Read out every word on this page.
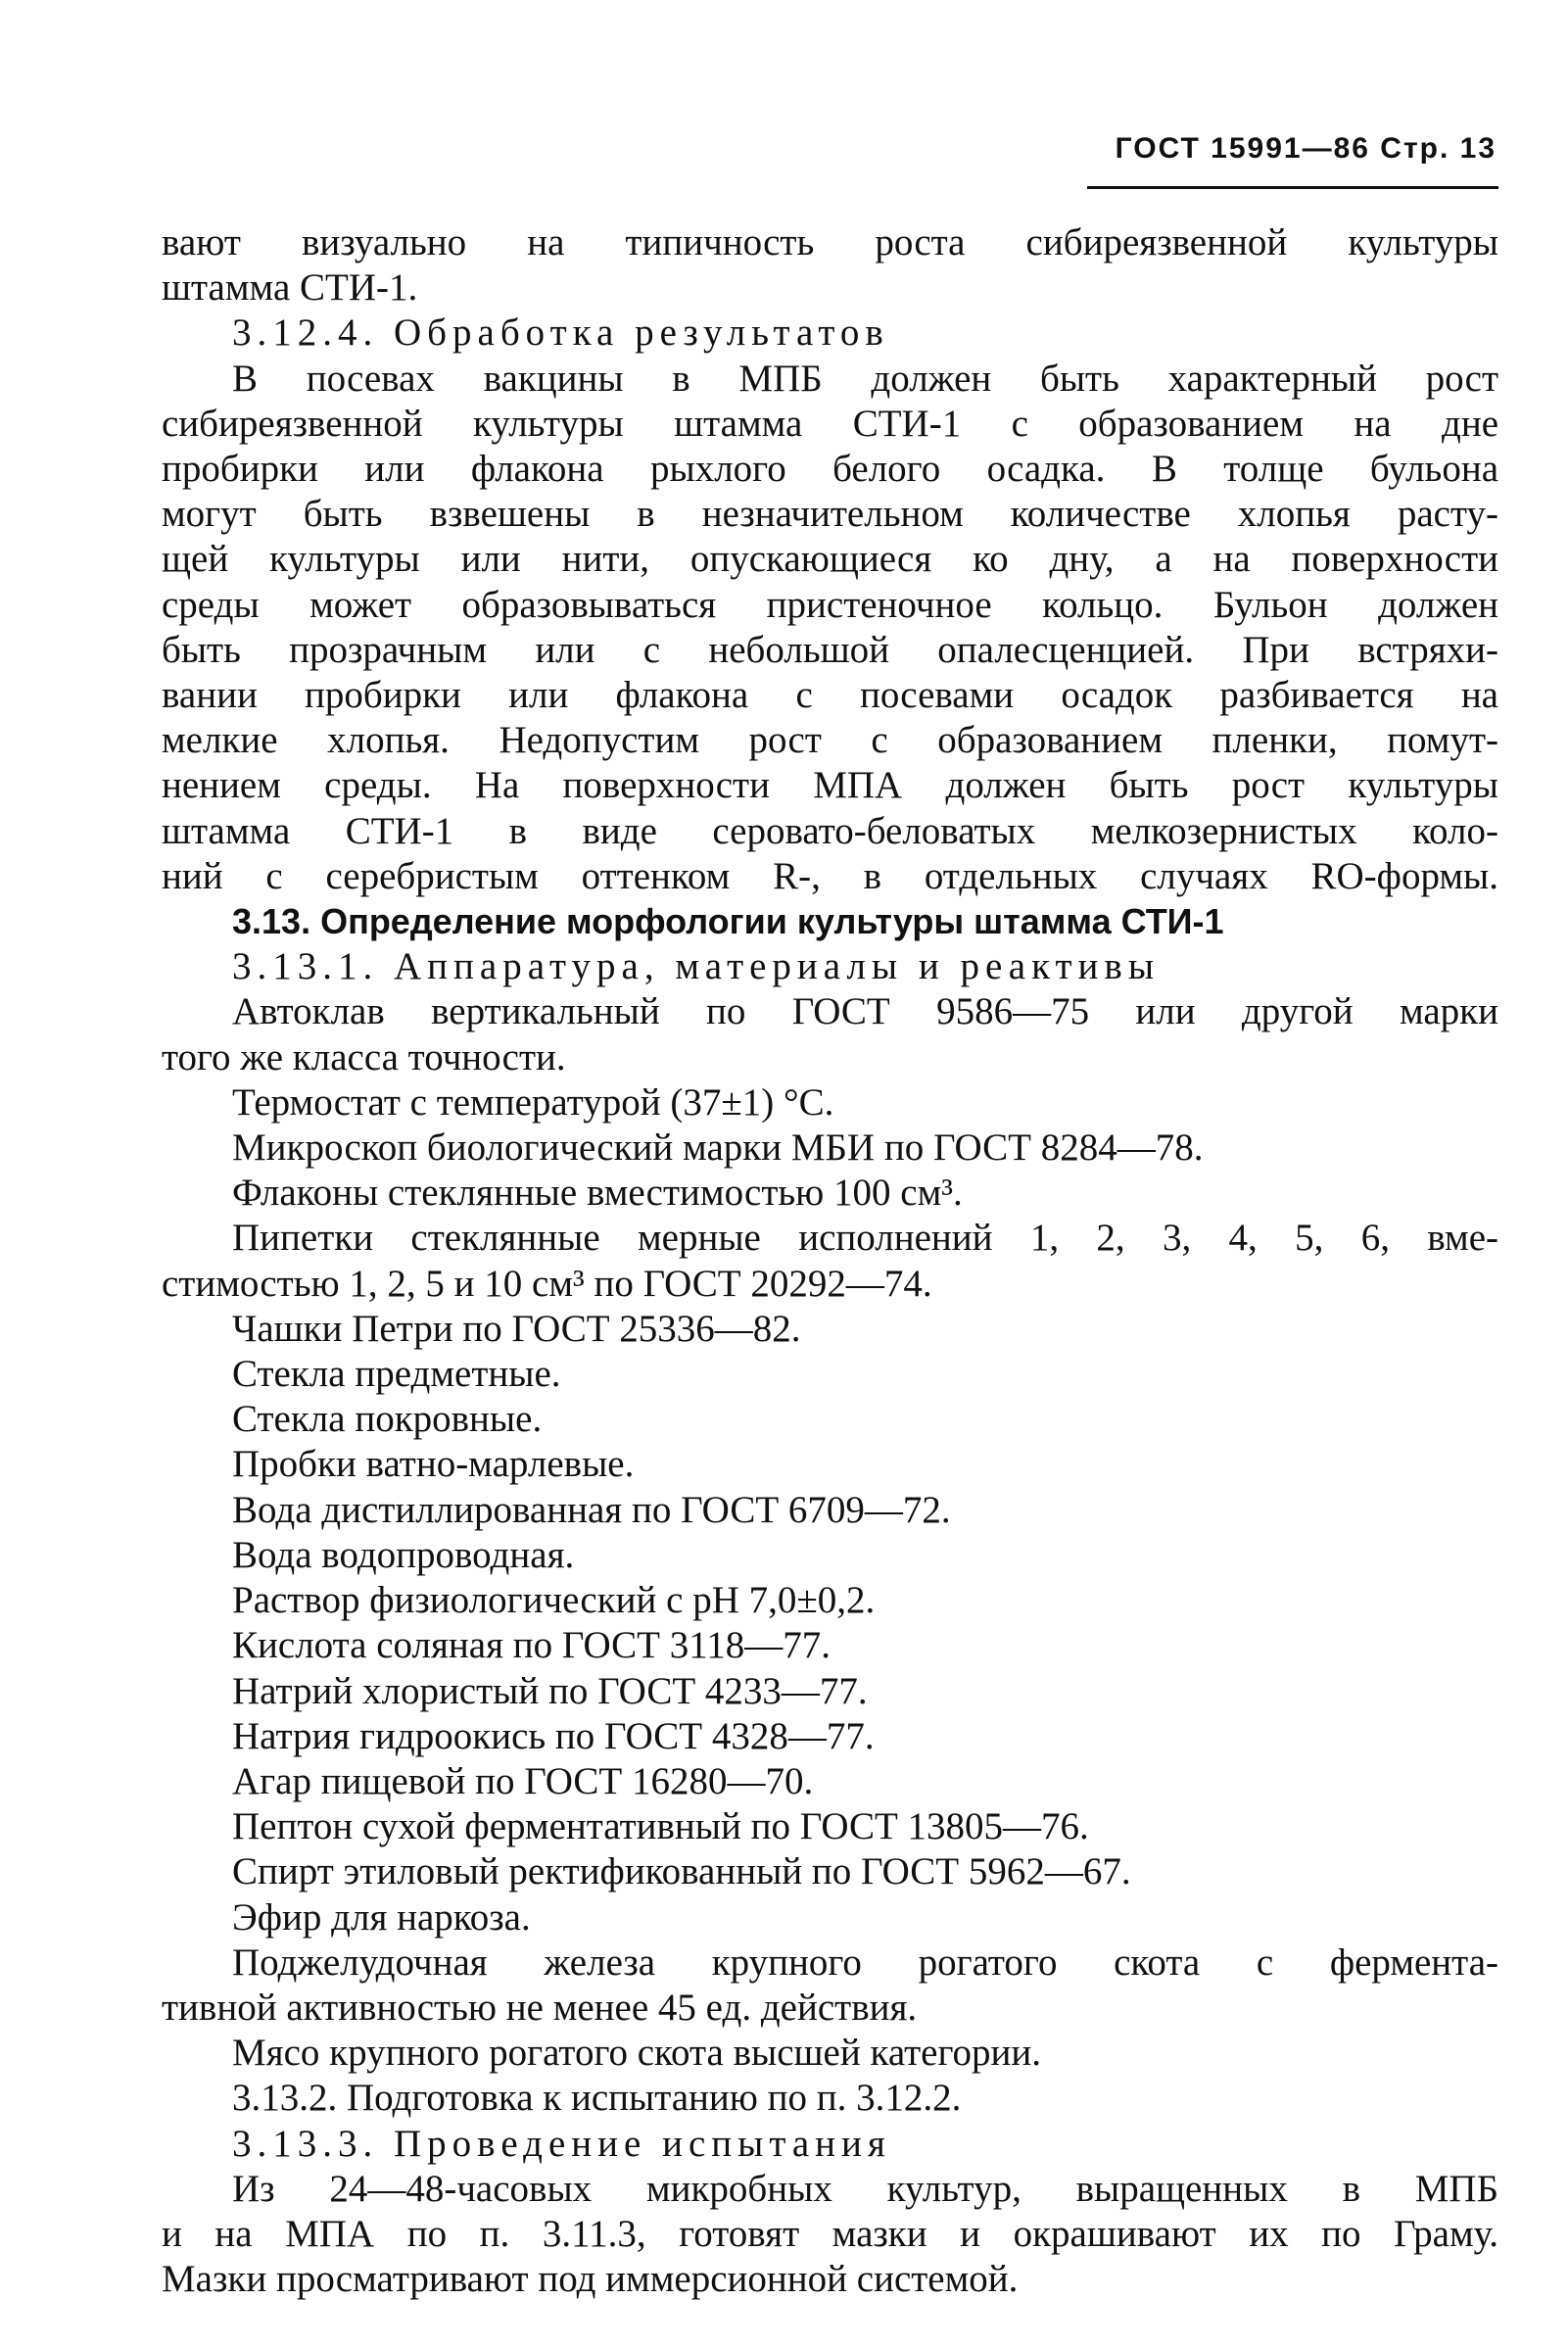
ГОСТ 15991—86 Стр. 13
вают визуально на типичность роста сибиреязвенной культуры
штамма СТИ-1.
3.12.4. Обработка результатов
В посевах вакцины в МПБ должен быть характерный рост
сибиреязвенной культуры штамма СТИ-1 с образованием на дне
пробирки или флакона рыхлого белого осадка. В толще бульона
могут быть взвешены в незначительном количестве хлопья расту-
щей культуры или нити, опускающиеся ко дну, а на поверхности
среды может образовываться пристеночное кольцо. Бульон должен
быть прозрачным или с небольшой опалесценцией. При встряхи-
вании пробирки или флакона с посевами осадок разбивается на
мелкие хлопья. Недопустим рост с образованием пленки, помут-
нением среды. На поверхности МПА должен быть рост культуры
штамма СТИ-1 в виде серовато-беловатых мелкозернистых коло-
ний с серебристым оттенком R-, в отдельных случаях RO-формы.
3.13. Определение морфологии культуры штамма СТИ-1
3.13.1. Аппаратура, материалы и реактивы
Автоклав вертикальный по ГОСТ 9586—75 или другой марки
того же класса точности.
Термостат с температурой (37±1) °С.
Микроскоп биологический марки МБИ по ГОСТ 8284—78.
Флаконы стеклянные вместимостью 100 см³.
Пипетки стеклянные мерные исполнений 1, 2, 3, 4, 5, 6, вме-
стимостью 1, 2, 5 и 10 см³ по ГОСТ 20292—74.
Чашки Петри по ГОСТ 25336—82.
Стекла предметные.
Стекла покровные.
Пробки ватно-марлевые.
Вода дистиллированная по ГОСТ 6709—72.
Вода водопроводная.
Раствор физиологический с рН 7,0±0,2.
Кислота соляная по ГОСТ 3118—77.
Натрий хлористый по ГОСТ 4233—77.
Натрия гидроокись по ГОСТ 4328—77.
Агар пищевой по ГОСТ 16280—70.
Пептон сухой ферментативный по ГОСТ 13805—76.
Спирт этиловый ректификованный по ГОСТ 5962—67.
Эфир для наркоза.
Поджелудочная железа крупного рогатого скота с фермента-
тивной активностью не менее 45 ед. действия.
Мясо крупного рогатого скота высшей категории.
3.13.2. Подготовка к испытанию по п. 3.12.2.
3.13.3. Проведение испытания
Из 24—48-часовых микробных культур, выращенных в МПБ
и на МПА по п. 3.11.3, готовят мазки и окрашивают их по Граму.
Мазки просматривают под иммерсионной системой.
